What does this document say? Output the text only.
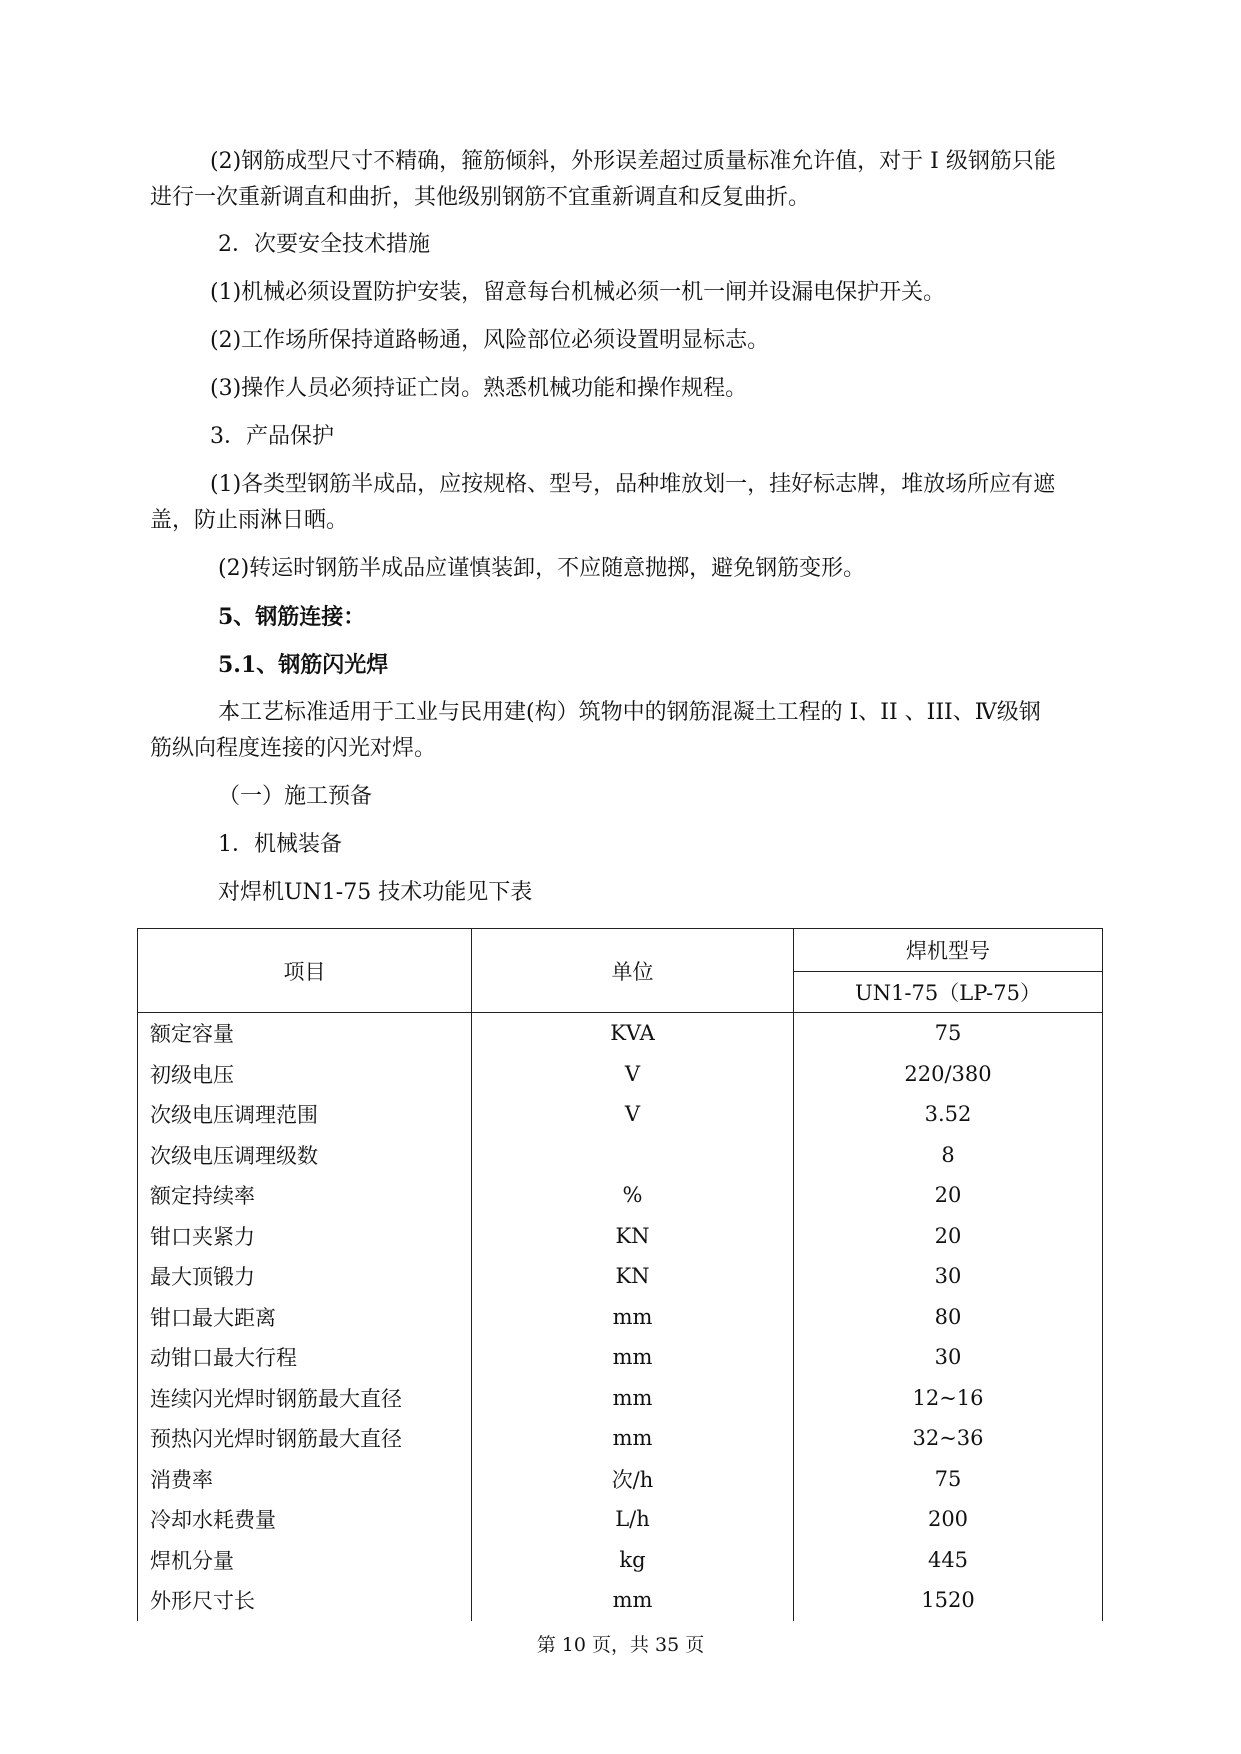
(2)钢筋成型尺寸不精确，箍筋倾斜，外形误差超过质量标准允许值，对于 I 级钢筋只能
进行一次重新调直和曲折，其他级别钢筋不宜重新调直和反复曲折。
2．次要安全技术措施
(1)机械必须设置防护安装，留意每台机械必须一机一闸并设漏电保护开关。
(2)工作场所保持道路畅通，风险部位必须设置明显标志。
(3)操作人员必须持证亡岗。熟悉机械功能和操作规程。
3．产品保护
(1)各类型钢筋半成品，应按规格、型号，品种堆放划一，挂好标志牌，堆放场所应有遮
盖，防止雨淋日晒。
(2)转运时钢筋半成品应谨慎装卸，不应随意抛掷，避免钢筋变形。
5、钢筋连接：
5.1、钢筋闪光焊
本工艺标准适用于工业与民用建(构）筑物中的钢筋混凝土工程的 I、II 、III、Ⅳ级钢
筋纵向程度连接的闪光对焊。
（一）施工预备
1．机械装备
对焊机UN1-75 技术功能见下表
项目	单位	焊机型号
		UN1-75（LP-75）
额定容量	KVA	75
初级电压	V	220/380
次级电压调理范围	V	3.52
次级电压调理级数		8
额定持续率	%	20
钳口夹紧力	KN	20
最大顶锻力	KN	30
钳口最大距离	mm	80
动钳口最大行程	mm	30
连续闪光焊时钢筋最大直径	mm	12~16
预热闪光焊时钢筋最大直径	mm	32~36
消费率	次/h	75
冷却水耗费量	L/h	200
焊机分量	kg	445
外形尺寸长	mm	1520
第 10 页，共 35 页
